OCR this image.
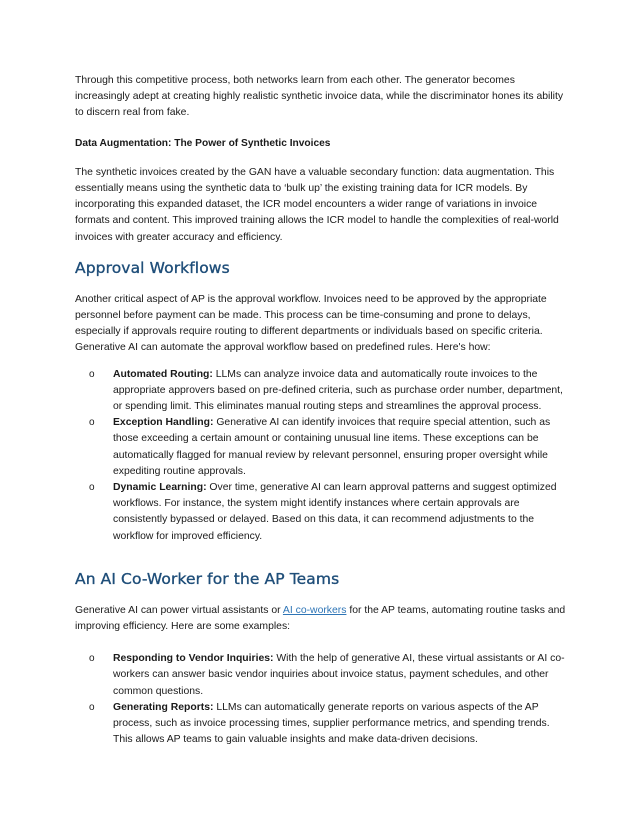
Through this competitive process, both networks learn from each other. The generator becomes increasingly adept at creating highly realistic synthetic invoice data, while the discriminator hones its ability to discern real from fake.

Data Augmentation: The Power of Synthetic Invoices

The synthetic invoices created by the GAN have a valuable secondary function: data augmentation. This essentially means using the synthetic data to ‘bulk up’ the existing training data for ICR models. By incorporating this expanded dataset, the ICR model encounters a wider range of variations in invoice formats and content. This improved training allows the ICR model to handle the complexities of real-world invoices with greater accuracy and efficiency.

Approval Workflows

Another critical aspect of AP is the approval workflow. Invoices need to be approved by the appropriate personnel before payment can be made. This process can be time-consuming and prone to delays, especially if approvals require routing to different departments or individuals based on specific criteria. Generative AI can automate the approval workflow based on predefined rules. Here's how:

o Automated Routing: LLMs can analyze invoice data and automatically route invoices to the appropriate approvers based on pre-defined criteria, such as purchase order number, department, or spending limit. This eliminates manual routing steps and streamlines the approval process.
o Exception Handling: Generative AI can identify invoices that require special attention, such as those exceeding a certain amount or containing unusual line items. These exceptions can be automatically flagged for manual review by relevant personnel, ensuring proper oversight while expediting routine approvals.
o Dynamic Learning: Over time, generative AI can learn approval patterns and suggest optimized workflows. For instance, the system might identify instances where certain approvals are consistently bypassed or delayed. Based on this data, it can recommend adjustments to the workflow for improved efficiency.
An AI Co-Worker for the AP Teams

Generative AI can power virtual assistants or AI co-workers for the AP teams, automating routine tasks and improving efficiency. Here are some examples:

o Responding to Vendor Inquiries: With the help of generative AI, these virtual assistants or AI co-workers can answer basic vendor inquiries about invoice status, payment schedules, and other common questions.
o Generating Reports: LLMs can automatically generate reports on various aspects of the AP process, such as invoice processing times, supplier performance metrics, and spending trends. This allows AP teams to gain valuable insights and make data-driven decisions.
